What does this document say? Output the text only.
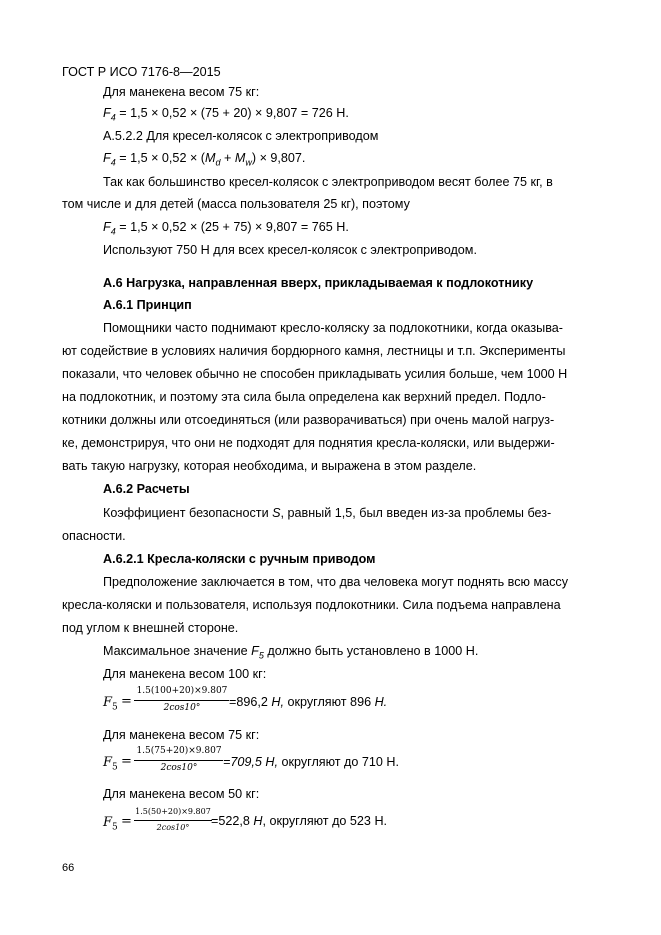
ГОСТ Р ИСО 7176-8—2015
Для манекена весом 75 кг:
$F_4 = 1,5 \times 0,52 \times (75 + 20) \times 9,807 = 726$ Н.
А.5.2.2 Для кресел-колясок с электроприводом
$F_4 = 1,5 \times 0,52 \times (M_d + M_w) \times 9,807$.
Так как большинство кресел-колясок с электроприводом весят более 75 кг, в
том числе и для детей (масса пользователя 25 кг), поэтому
$F_4 = 1,5 \times 0,52 \times (25 + 75) \times 9,807 = 765$ Н.
Используют 750 Н для всех кресел-колясок с электроприводом.
А.6 Нагрузка, направленная вверх, прикладываемая к подлокотнику
А.6.1 Принцип
Помощники часто поднимают кресло-коляску за подлокотники, когда оказыва-
ют содействие в условиях наличия бордюрного камня, лестницы и т.п. Эксперименты
показали, что человек обычно не способен прикладывать усилия больше, чем 1000 Н
на подлокотник, и поэтому эта сила была определена как верхний предел. Подло-
котники должны или отсоединяться (или разворачиваться) при очень малой нагруз-
ке, демонстрируя, что они не подходят для поднятия кресла-коляски, или выдержи-
вать такую нагрузку, которая необходима, и выражена в этом разделе.
А.6.2 Расчеты
Коэффициент безопасности S, равный 1,5, был введен из-за проблемы без-
опасности.
А.6.2.1 Кресла-коляски с ручным приводом
Предположение заключается в том, что два человека могут поднять всю массу
кресла-коляски и пользователя, используя подлокотники. Сила подъема направлена
под углом к внешней стороне.
Максимальное значение $F_5$ должно быть установлено в 1000 Н.
Для манекена весом 100 кг:
$F_5$ =
1.5(100+20)×9.807
2cos10°	=896,2 Н, округляют 896 Н.
Для манекена весом 75 кг:
$F_5$ =
1.5(75+20)×9.807
2cos10°	=709,5 Н, округляют до 710 Н.
Для манекена весом 50 кг:
$F_5$ =
1.5(50+20)×9.807
2cos10°	=522,8 Н, округляют до 523 Н.
66
